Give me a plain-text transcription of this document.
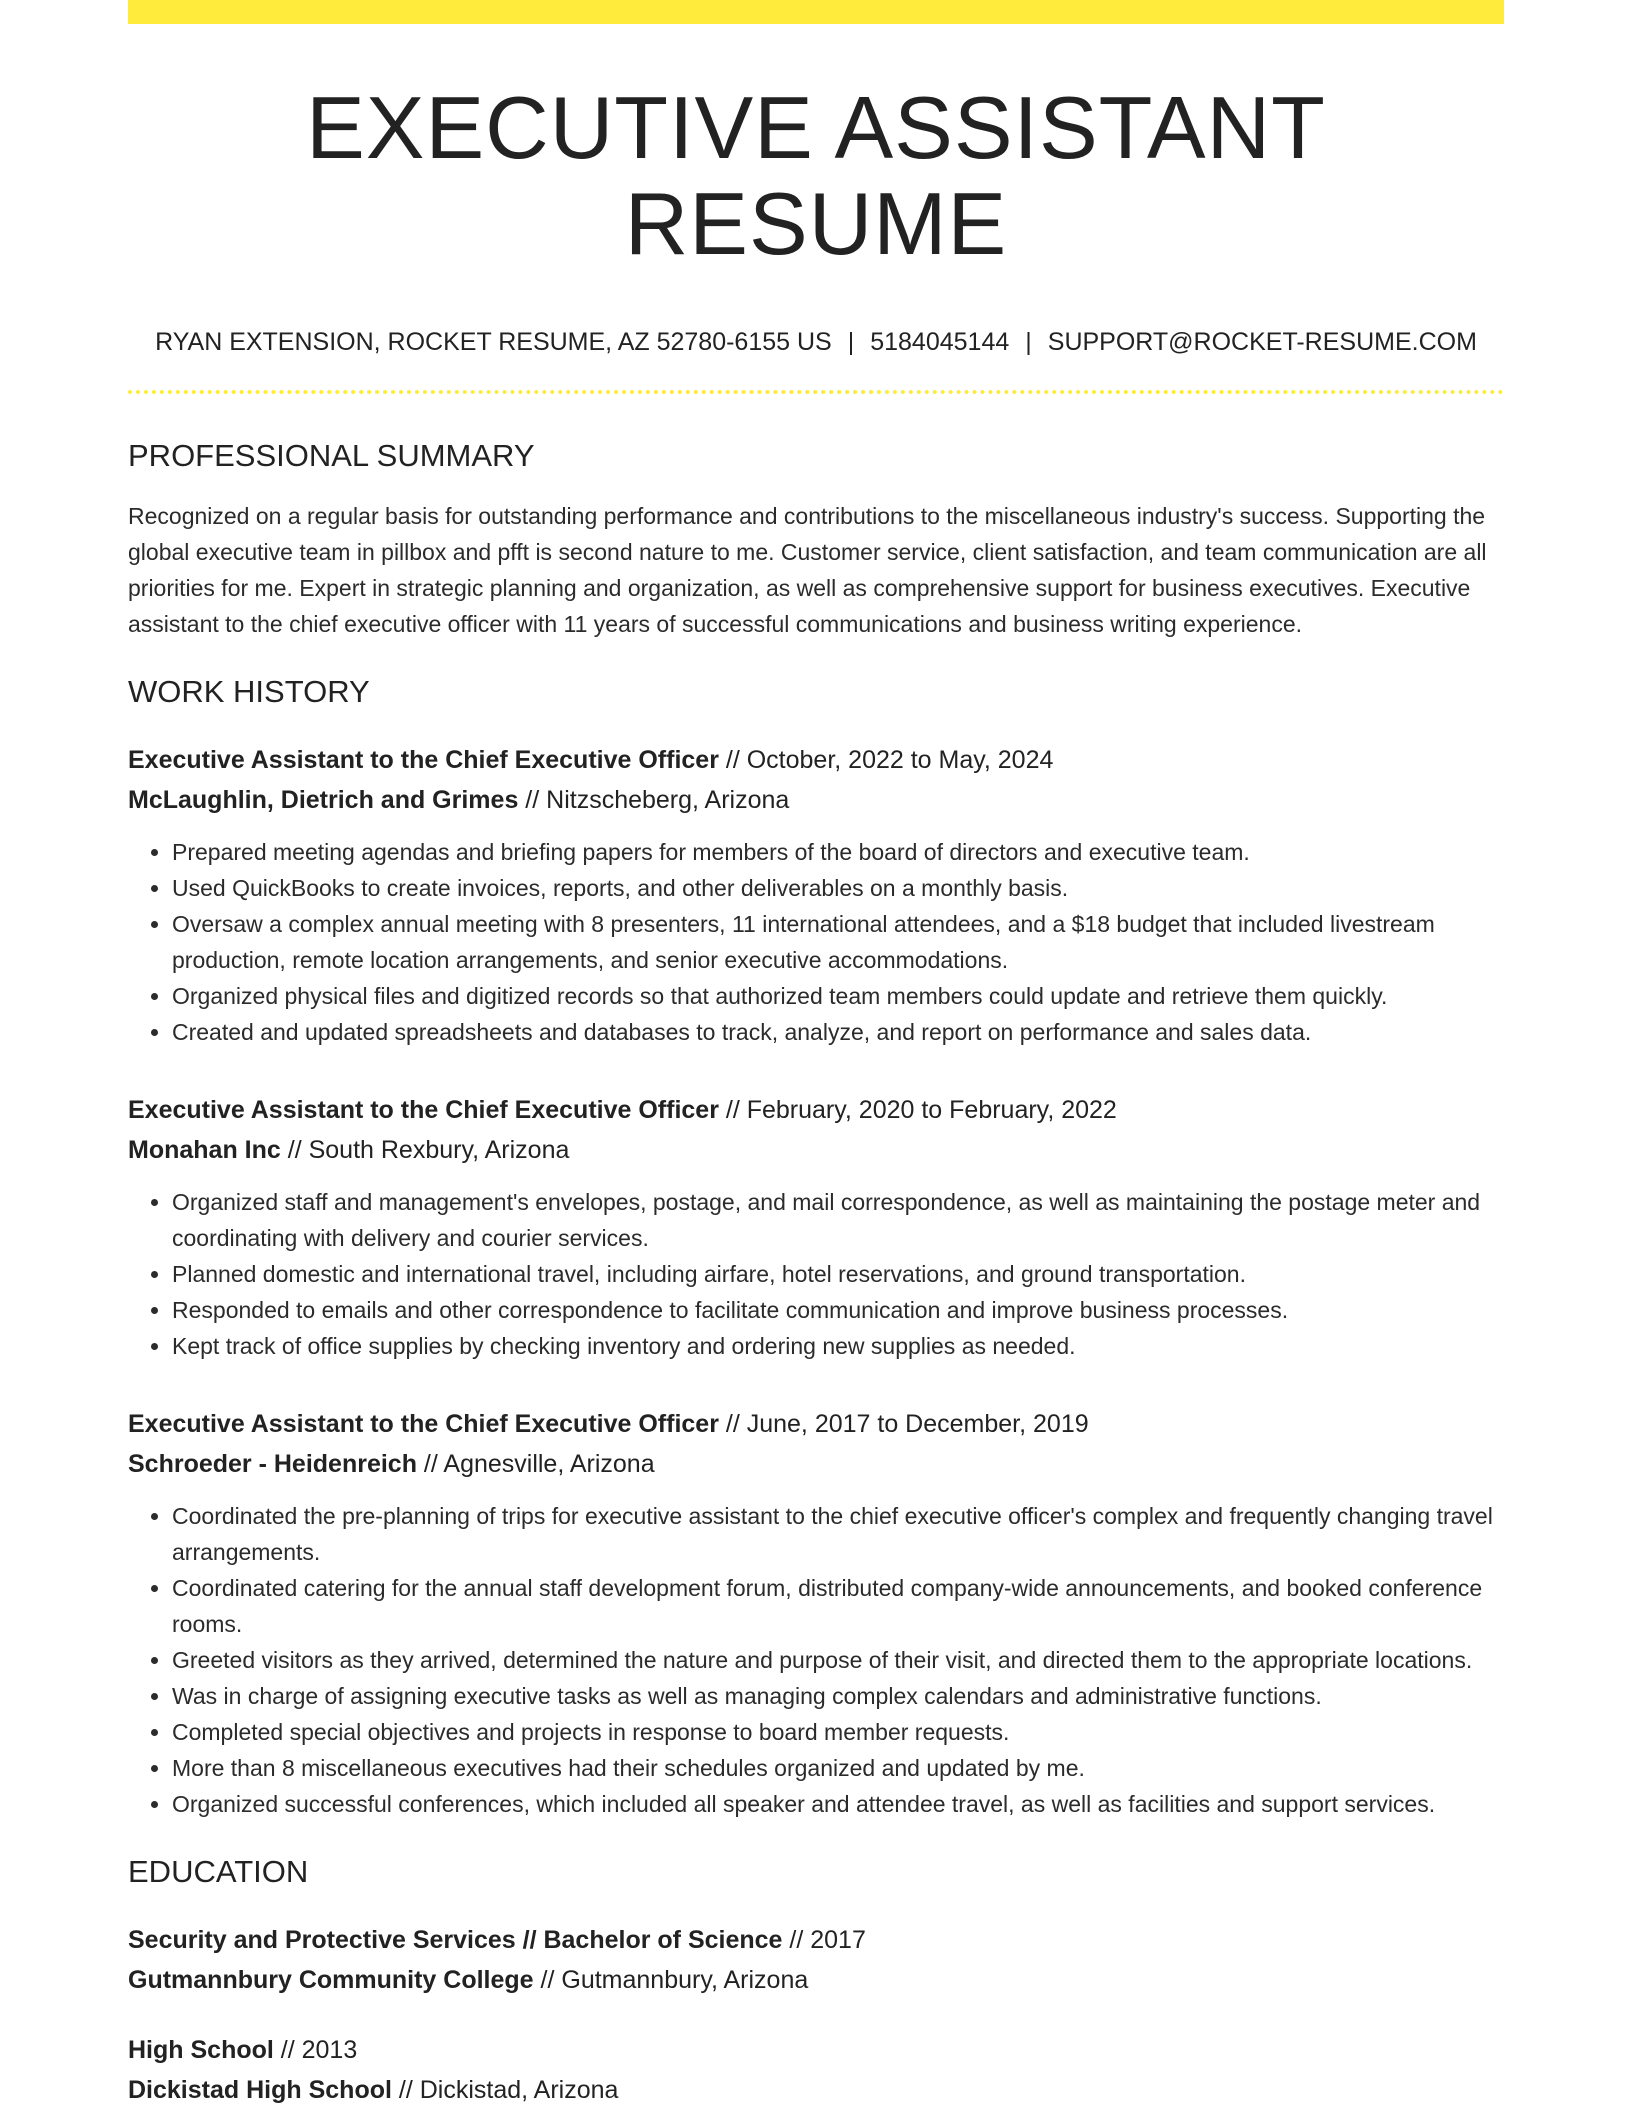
EXECUTIVE ASSISTANT RESUME
RYAN EXTENSION, ROCKET RESUME, AZ 52780-6155 US | 5184045144 | SUPPORT@ROCKET-RESUME.COM
PROFESSIONAL SUMMARY

Recognized on a regular basis for outstanding performance and contributions to the miscellaneous industry's success. Supporting the global executive team in pillbox and pfft is second nature to me. Customer service, client satisfaction, and team communication are all priorities for me. Expert in strategic planning and organization, as well as comprehensive support for business executives. Executive assistant to the chief executive officer with 11 years of successful communications and business writing experience.

WORK HISTORY
Executive Assistant to the Chief Executive Officer // October, 2022 to May, 2024
McLaughlin, Dietrich and Grimes // Nitzscheberg, Arizona
• Prepared meeting agendas and briefing papers for members of the board of directors and executive team.
• Used QuickBooks to create invoices, reports, and other deliverables on a monthly basis.
• Oversaw a complex annual meeting with 8 presenters, 11 international attendees, and a $18 budget that included livestream production, remote location arrangements, and senior executive accommodations.
• Organized physical files and digitized records so that authorized team members could update and retrieve them quickly.
• Created and updated spreadsheets and databases to track, analyze, and report on performance and sales data.
Executive Assistant to the Chief Executive Officer // February, 2020 to February, 2022
Monahan Inc // South Rexbury, Arizona
• Organized staff and management's envelopes, postage, and mail correspondence, as well as maintaining the postage meter and coordinating with delivery and courier services.
• Planned domestic and international travel, including airfare, hotel reservations, and ground transportation.
• Responded to emails and other correspondence to facilitate communication and improve business processes.
• Kept track of office supplies by checking inventory and ordering new supplies as needed.
Executive Assistant to the Chief Executive Officer // June, 2017 to December, 2019
Schroeder - Heidenreich // Agnesville, Arizona
• Coordinated the pre-planning of trips for executive assistant to the chief executive officer's complex and frequently changing travel arrangements.
• Coordinated catering for the annual staff development forum, distributed company-wide announcements, and booked conference rooms.
• Greeted visitors as they arrived, determined the nature and purpose of their visit, and directed them to the appropriate locations.
• Was in charge of assigning executive tasks as well as managing complex calendars and administrative functions.
• Completed special objectives and projects in response to board member requests.
• More than 8 miscellaneous executives had their schedules organized and updated by me.
• Organized successful conferences, which included all speaker and attendee travel, as well as facilities and support services.
EDUCATION
Security and Protective Services // Bachelor of Science // 2017
Gutmannbury Community College // Gutmannbury, Arizona
High School // 2013
Dickistad High School // Dickistad, Arizona
